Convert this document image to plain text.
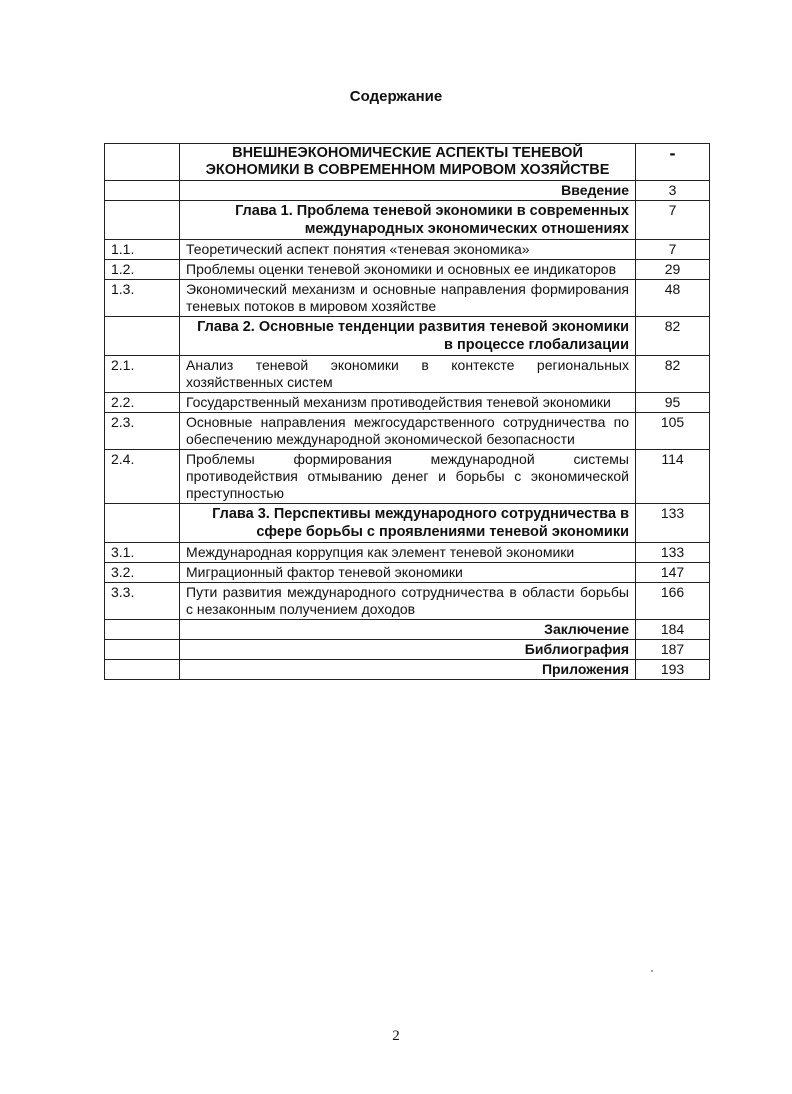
Содержание

	ВНЕШНЕЭКОНОМИЧЕСКИЕ АСПЕКТЫ ТЕНЕВОЙ ЭКОНОМИКИ В СОВРЕМЕННОМ МИРОВОМ ХОЗЯЙСТВЕ	-
	Введение	3
	Глава 1. Проблема теневой экономики в современных международных экономических отношениях	7
1.1.	Теоретический аспект понятия «теневая экономика»	7
1.2.	Проблемы оценки теневой экономики и основных ее индикаторов	29
1.3.	Экономический механизм и основные направления формирования теневых потоков в мировом хозяйстве	48
	Глава 2. Основные тенденции развития теневой экономики в процессе глобализации	82
2.1.	Анализ теневой экономики в контексте региональных хозяйственных систем	82
2.2.	Государственный механизм противодействия теневой экономики	95
2.3.	Основные направления межгосударственного сотрудничества по обеспечению международной экономической безопасности	105
2.4.	Проблемы формирования международной системы противодействия отмыванию денег и борьбы с экономической преступностью	114
	Глава 3. Перспективы международного сотрудничества в сфере борьбы с проявлениями теневой экономики	133
3.1.	Международная коррупция как элемент теневой экономики	133
3.2.	Миграционный фактор теневой экономики	147
3.3.	Пути развития международного сотрудничества в области борьбы с незаконным получением доходов	166
	Заключение	184
	Библиография	187
	Приложения	193
2
